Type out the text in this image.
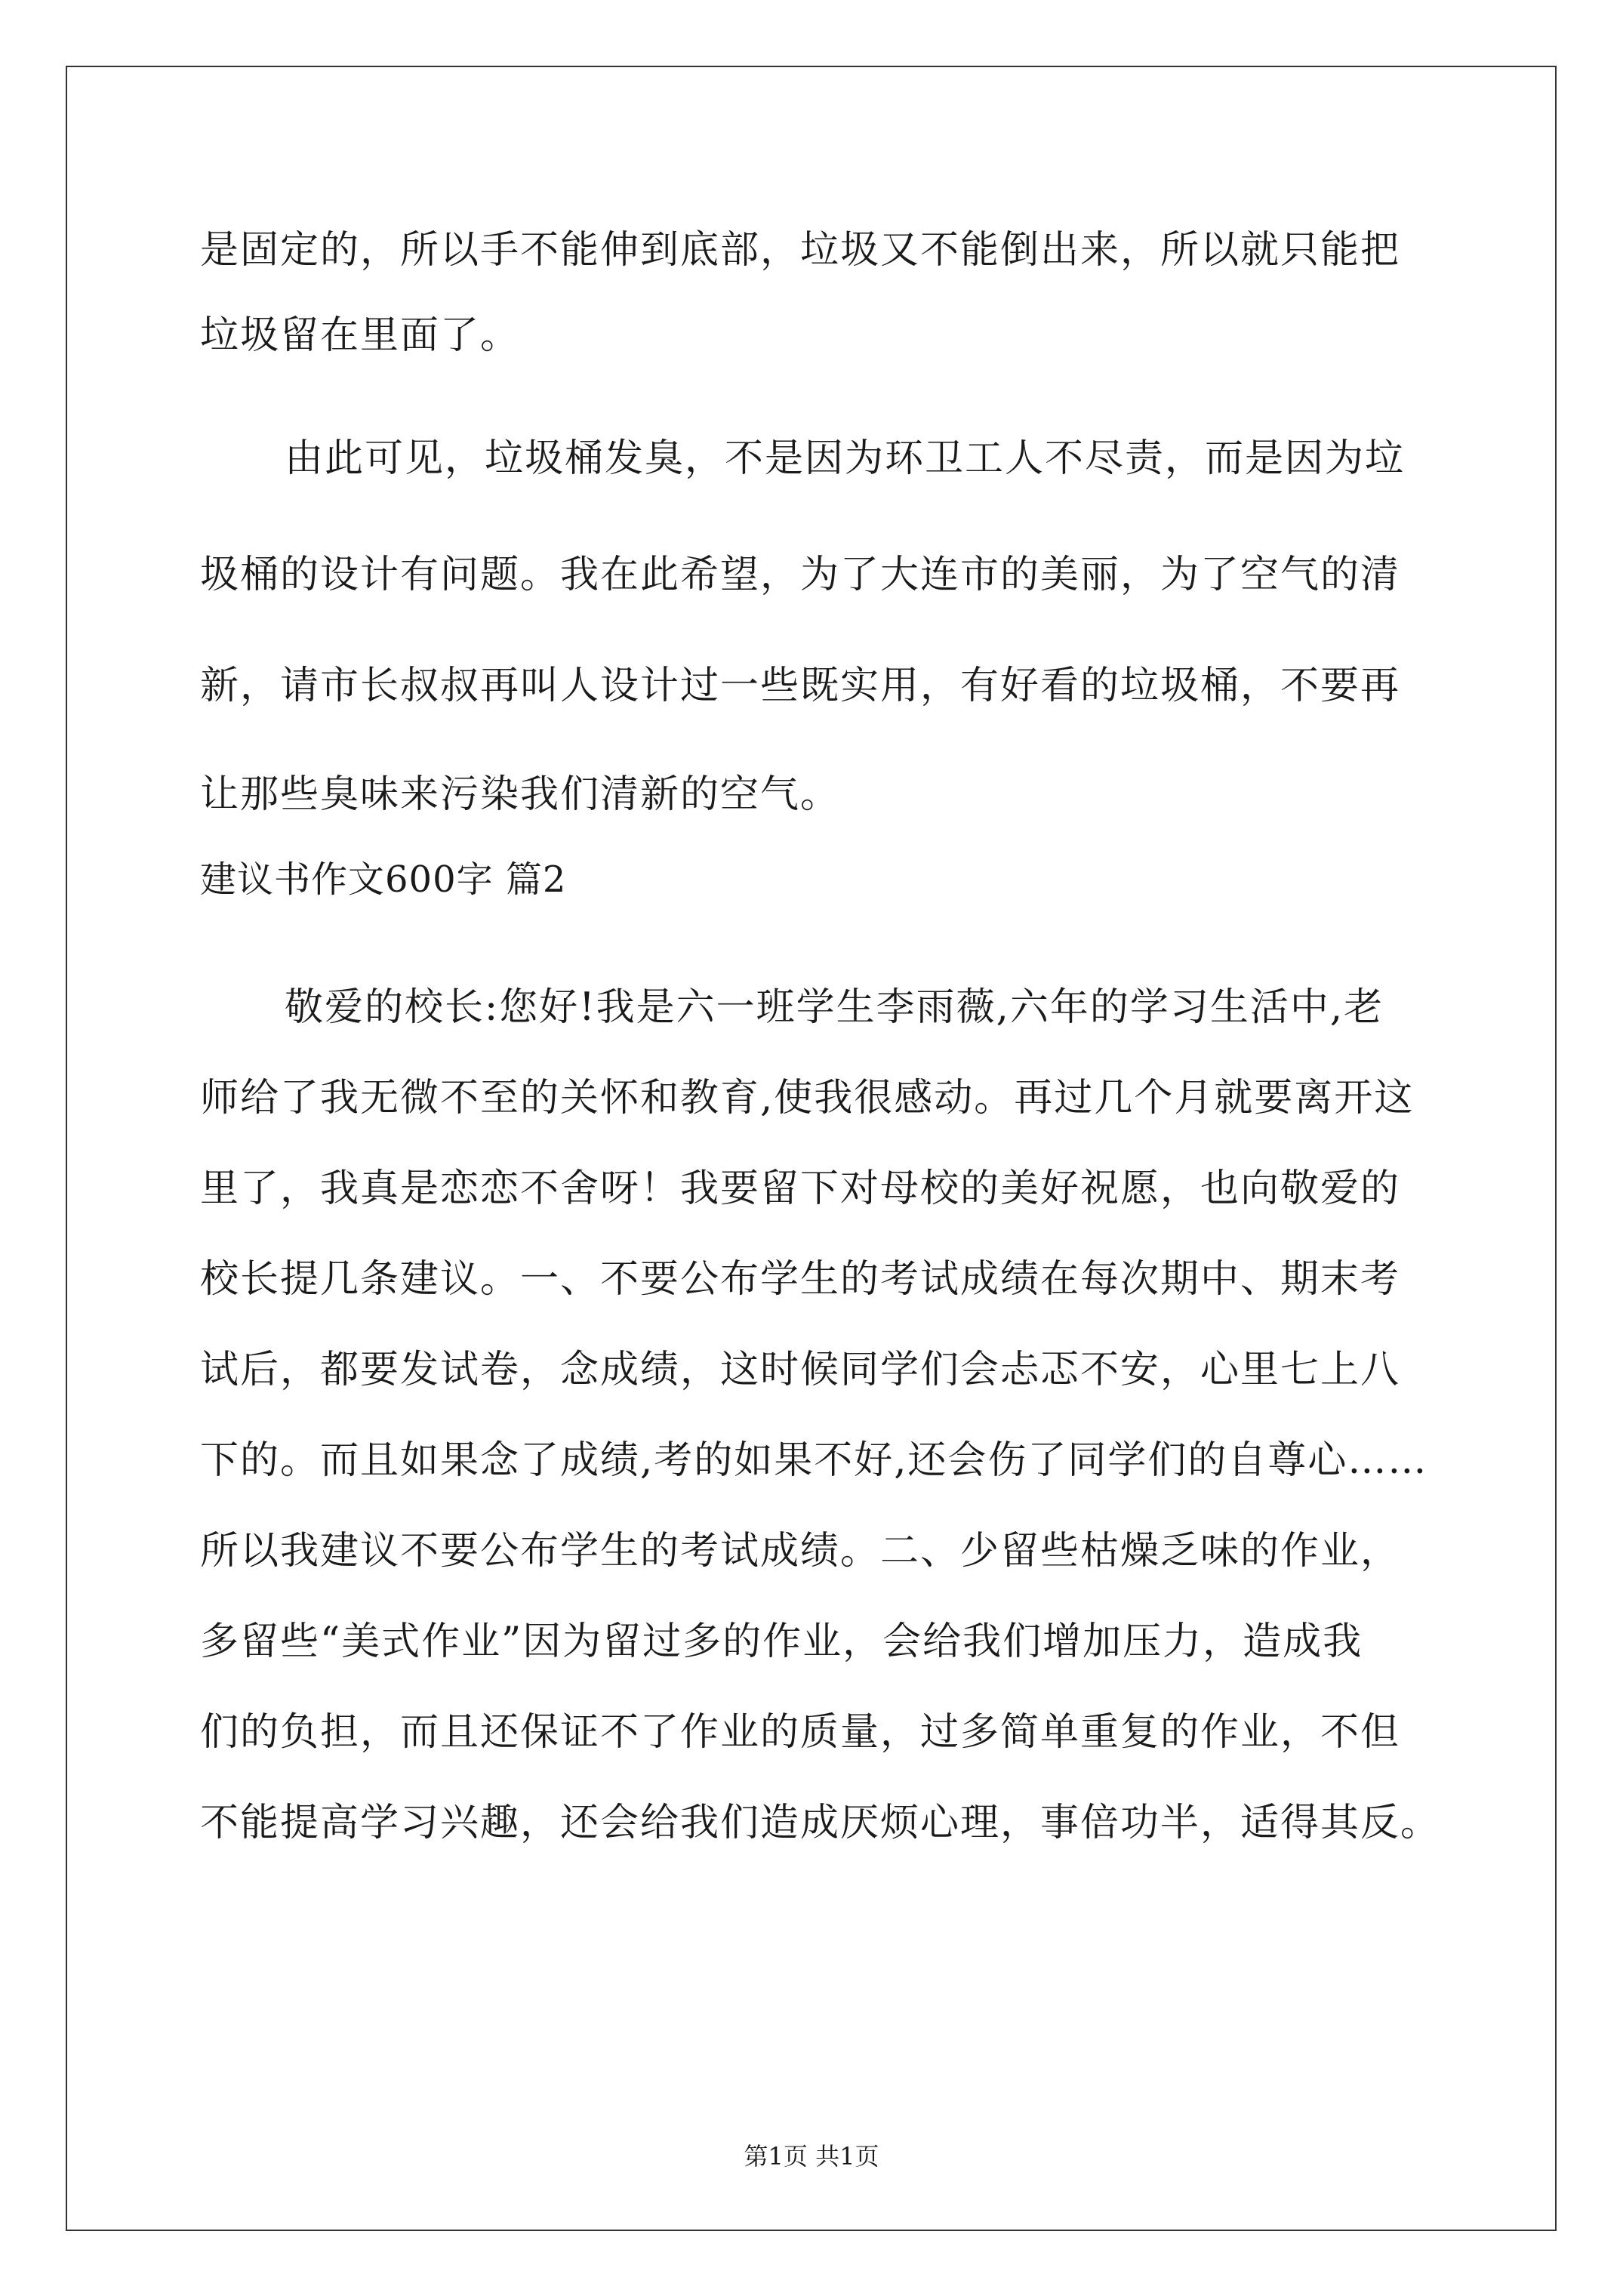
是固定的，所以手不能伸到底部，垃圾又不能倒出来，所以就只能把
垃圾留在里面了。
由此可见，垃圾桶发臭，不是因为环卫工人不尽责，而是因为垃
圾桶的设计有问题。我在此希望，为了大连市的美丽，为了空气的清
新，请市长叔叔再叫人设计过一些既实用，有好看的垃圾桶，不要再
让那些臭味来污染我们清新的空气。
建议书作文600字 篇2
敬爱的校长:您好!我是六一班学生李雨薇,六年的学习生活中,老
师给了我无微不至的关怀和教育,使我很感动。再过几个月就要离开这
里了，我真是恋恋不舍呀！我要留下对母校的美好祝愿，也向敬爱的
校长提几条建议。一、不要公布学生的考试成绩在每次期中、期末考
试后，都要发试卷，念成绩，这时候同学们会忐忑不安，心里七上八
下的。而且如果念了成绩,考的如果不好,还会伤了同学们的自尊心……
所以我建议不要公布学生的考试成绩。二、少留些枯燥乏味的作业，
多留些“美式作业”因为留过多的作业，会给我们增加压力，造成我
们的负担，而且还保证不了作业的质量，过多简单重复的作业，不但
不能提高学习兴趣，还会给我们造成厌烦心理，事倍功半，适得其反。
第1页 共1页
